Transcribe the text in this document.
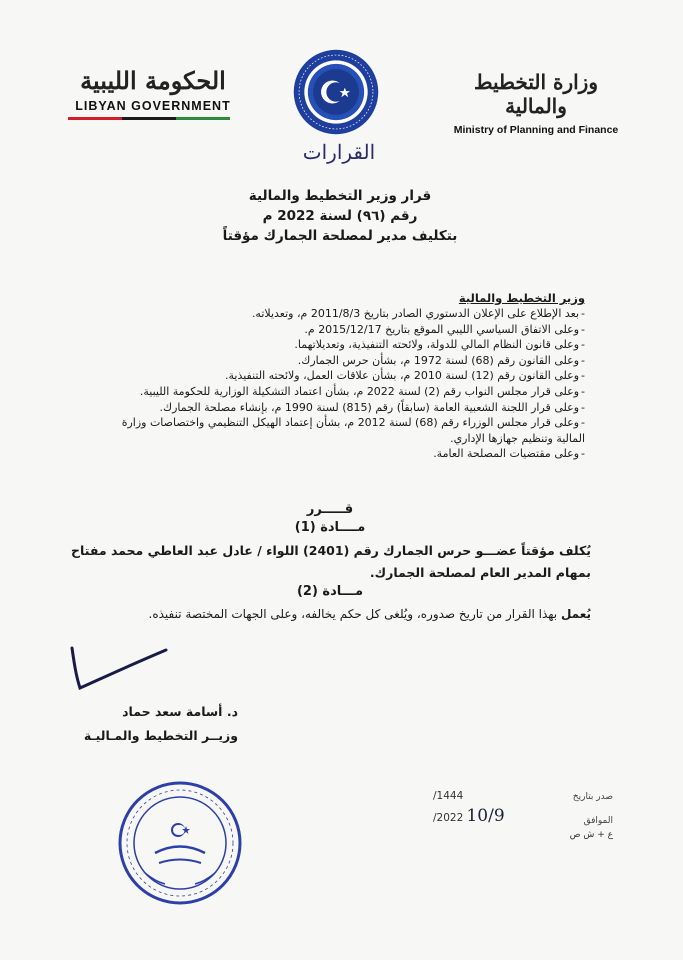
الحكومة الليبية
LIBYAN GOVERNMENT
القرارات
وزارة التخطيط والمالية
Ministry of Planning and Finance
قرار وزير التخطيط والمالية
رقم (٩٦) لسنة 2022 م
بتكليف مدير لمصلحة الجمارك مؤقتاً
وزير التخطيط والمالية
-بعد الإطلاع على الإعلان الدستوري الصادر بتاريخ 2011/8/3 م، وتعديلاته.
-وعلى الاتفاق السياسي الليبي الموقع بتاريخ 2015/12/17 م.
-وعلى قانون النظام المالي للدولة، ولائحته التنفيذية، وتعديلاتهما.
-وعلى القانون رقم (68) لسنة 1972 م، بشأن حرس الجمارك.
-وعلى القانون رقم (12) لسنة 2010 م، بشأن علاقات العمل، ولائحته التنفيذية.
-وعلى قرار مجلس النواب رقم (2) لسنة 2022 م، بشأن اعتماد التشكيلة الوزارية للحكومة الليبية.
-وعلى قرار اللجنة الشعبية العامة (سابقاً) رقم (815) لسنة 1990 م، بإنشاء مصلحة الجمارك.
-وعلى قرار مجلس الوزراء رقم (68) لسنة 2012 م، بشأن إعتماد الهيكل التنظيمي واختصاصات وزارة المالية وتنظيم جهازها الإداري.
-وعلى مقتضيات المصلحة العامة.
قـــــرر
مــــادة (1)
يُكلف مؤقتاً عضـــو حرس الجمارك رقم (2401) اللواء / عادل عبد العاطي محمد مفتاح
بمهام المدير العام لمصلحة الجمارك.
مـــادة (2)
يُعمل بهذا القرار من تاريخ صدوره، ويُلغى كل حكم يخالفه، وعلى الجهات المختصة تنفيذه.
د. أسامة سعد حماد
وزيــر التخطيط والمـاليـة
صدر بتاريخ
1444/
الموافق
10/9 2022/
ع + ش ص
